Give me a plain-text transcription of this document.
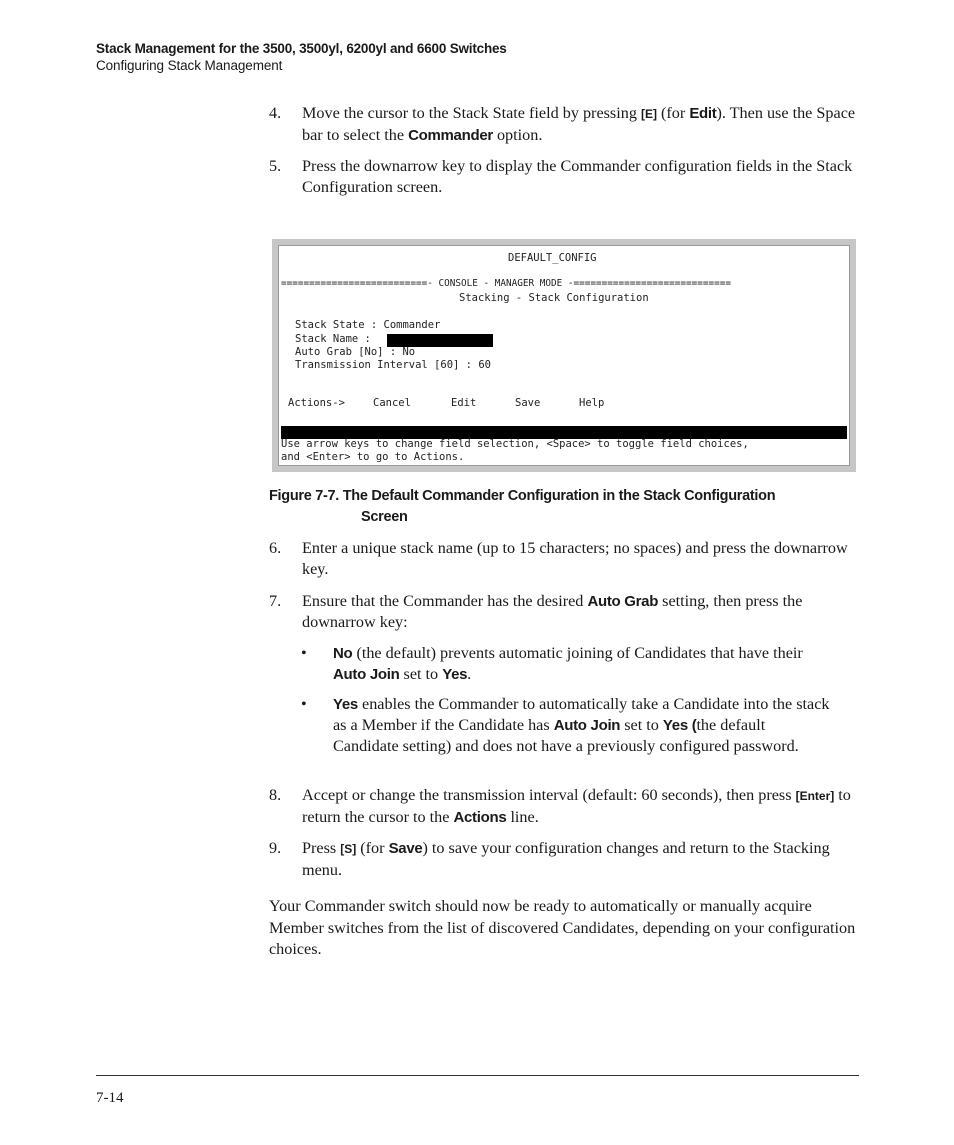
Stack Management for the 3500, 3500yl, 6200yl and 6600 Switches
Configuring Stack Management
4. Move the cursor to the Stack State field by pressing [E] (for Edit). Then use the Space bar to select the Commander option.
5. Press the downarrow key to display the Commander configuration fields in the Stack Configuration screen.
DEFAULT_CONFIG
==========================- CONSOLE - MANAGER MODE -============================
Stacking - Stack Configuration
Stack State : Commander
Stack Name :
Auto Grab [No] : No
Transmission Interval [60] : 60
Actions->	Cancel	Edit	Save	Help
Use arrow keys to change field selection, <Space> to toggle field choices,
and <Enter> to go to Actions.
Figure 7-7. The Default Commander Configuration in the Stack Configuration
Screen
6. Enter a unique stack name (up to 15 characters; no spaces) and press the downarrow key.
7. Ensure that the Commander has the desired Auto Grab setting, then press the downarrow key:
• No (the default) prevents automatic joining of Candidates that have their Auto Join set to Yes.
• Yes enables the Commander to automatically take a Candidate into the stack as a Member if the Candidate has Auto Join set to Yes (the default Candidate setting) and does not have a previously configured password.
8. Accept or change the transmission interval (default: 60 seconds), then press [Enter] to return the cursor to the Actions line.
9. Press [S] (for Save) to save your configuration changes and return to the Stacking menu.
Your Commander switch should now be ready to automatically or manually acquire Member switches from the list of discovered Candidates, depending on your configuration choices.
7-14
